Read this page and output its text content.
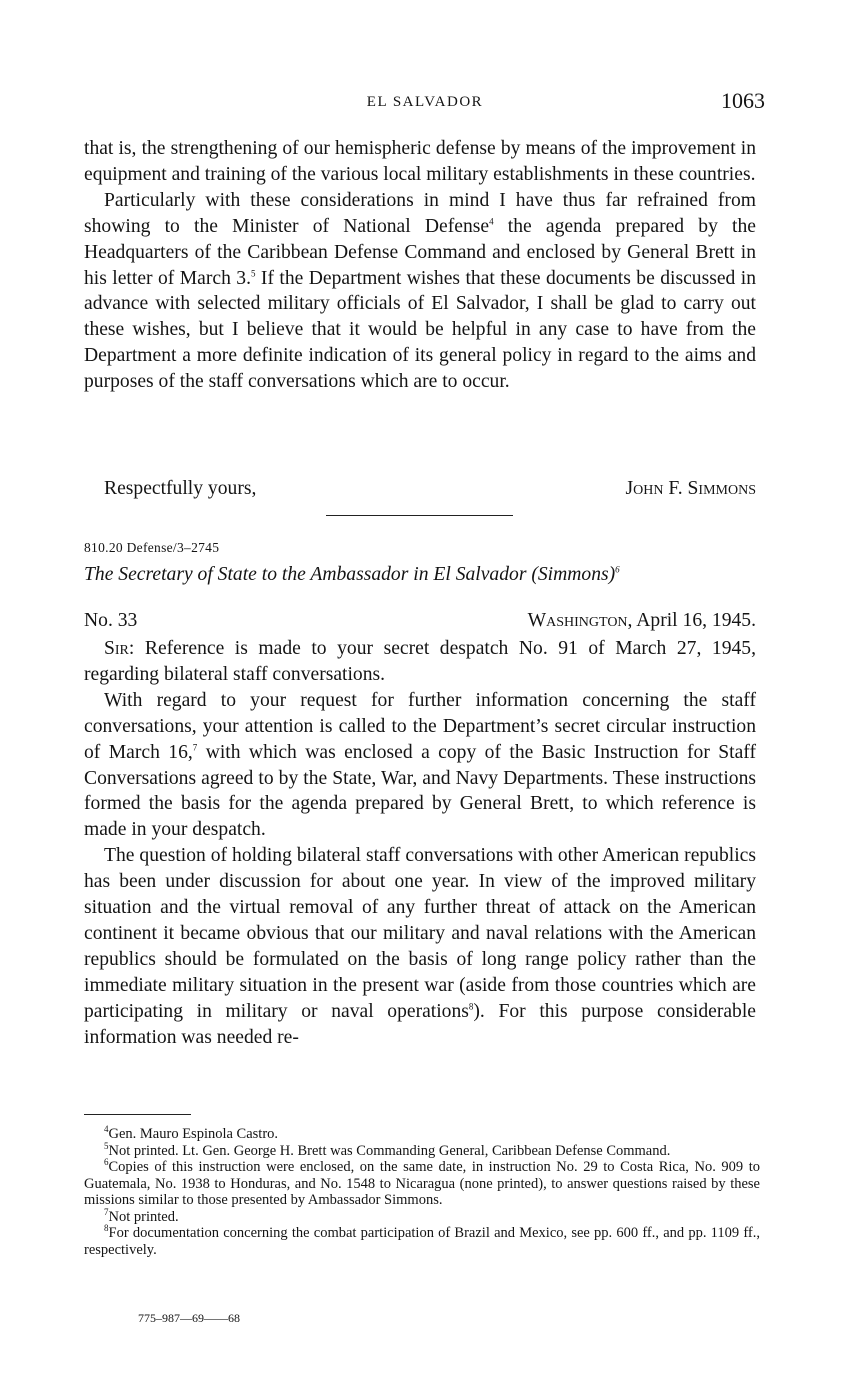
EL SALVADOR	1063

that is, the strengthening of our hemispheric defense by means of the improvement in equipment and training of the various local military establishments in these countries.

Particularly with these considerations in mind I have thus far refrained from showing to the Minister of National Defense$^4$ the agenda prepared by the Headquarters of the Caribbean Defense Command and enclosed by General Brett in his letter of March 3.$^5$ If the Department wishes that these documents be discussed in advance with selected military officials of El Salvador, I shall be glad to carry out these wishes, but I believe that it would be helpful in any case to have from the Department a more definite indication of its general policy in regard to the aims and purposes of the staff conversations which are to occur.

Respectfully yours,	John F. Simmons
810.20 Defense/3–2745
The Secretary of State to the Ambassador in El Salvador (Simmons)$^6$
No. 33	Washington, April 16, 1945.

Sir: Reference is made to your secret despatch No. 91 of March 27, 1945, regarding bilateral staff conversations.

With regard to your request for further information concerning the staff conversations, your attention is called to the Department’s secret circular instruction of March 16,$^7$ with which was enclosed a copy of the Basic Instruction for Staff Conversations agreed to by the State, War, and Navy Departments. These instructions formed the basis for the agenda prepared by General Brett, to which reference is made in your despatch.

The question of holding bilateral staff conversations with other American republics has been under discussion for about one year. In view of the improved military situation and the virtual removal of any further threat of attack on the American continent it became obvious that our military and naval relations with the American republics should be formulated on the basis of long range policy rather than the immediate military situation in the present war (aside from those countries which are participating in military or naval operations$^8$). For this purpose considerable information was needed re-

$^4$Gen. Mauro Espinola Castro.

$^5$Not printed. Lt. Gen. George H. Brett was Commanding General, Caribbean Defense Command.

$^6$Copies of this instruction were enclosed, on the same date, in instruction No. 29 to Costa Rica, No. 909 to Guatemala, No. 1938 to Honduras, and No. 1548 to Nicaragua (none printed), to answer questions raised by these missions similar to those presented by Ambassador Simmons.

$^7$Not printed.

$^8$For documentation concerning the combat participation of Brazil and Mexico, see pp. 600 ff., and pp. 1109 ff., respectively.

775–987—69——68
